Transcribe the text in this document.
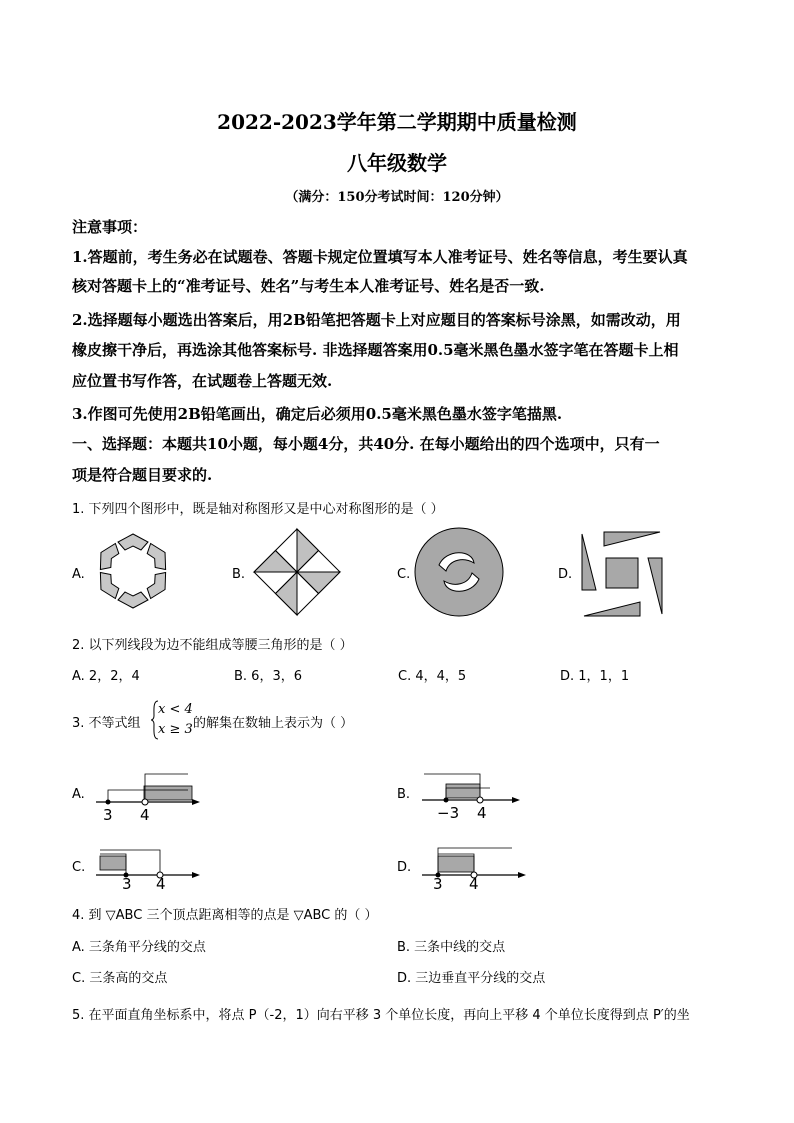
2022-2023学年第二学期期中质量检测
八年级数学
（满分：150分考试时间：120分钟）
注意事项：
1.答题前，考生务必在试题卷、答题卡规定位置填写本人准考证号、姓名等信息，考生要认真
核对答题卡上的“准考证号、姓名”与考生本人准考证号、姓名是否一致.
2.选择题每小题选出答案后，用2B铅笔把答题卡上对应题目的答案标号涂黑，如需改动，用
橡皮擦干净后，再选涂其他答案标号. 非选择题答案用0.5毫米黑色墨水签字笔在答题卡上相
应位置书写作答，在试题卷上答题无效.
3.作图可先使用2B铅笔画出，确定后必须用0.5毫米黑色墨水签字笔描黑.
一、选择题：本题共10小题，每小题4分，共40分. 在每小题给出的四个选项中，只有一
项是符合题目要求的.
1. 下列四个图形中，既是轴对称图形又是中心对称图形的是（ ）
A.	B.	C.	D.
2. 以下列线段为边不能组成等腰三角形的是（ ）
A. 2，2，4	B. 6，3，6	C. 4，4，5	D. 1，1，1
3. 不等式组
x < 4
x ≥ 3 的解集在数轴上表示为（ ）
A.
3 4
B.
−3 4
C.
3 4
D.
3 4
4. 到 ▽ABC 三个顶点距离相等的点是 ▽ABC 的（ ）
A. 三条角平分线的交点	B. 三条中线的交点
C. 三条高的交点	D. 三边垂直平分线的交点
5. 在平面直角坐标系中，将点 P（-2，1）向右平移 3 个单位长度，再向上平移 4 个单位长度得到点 P′的坐
